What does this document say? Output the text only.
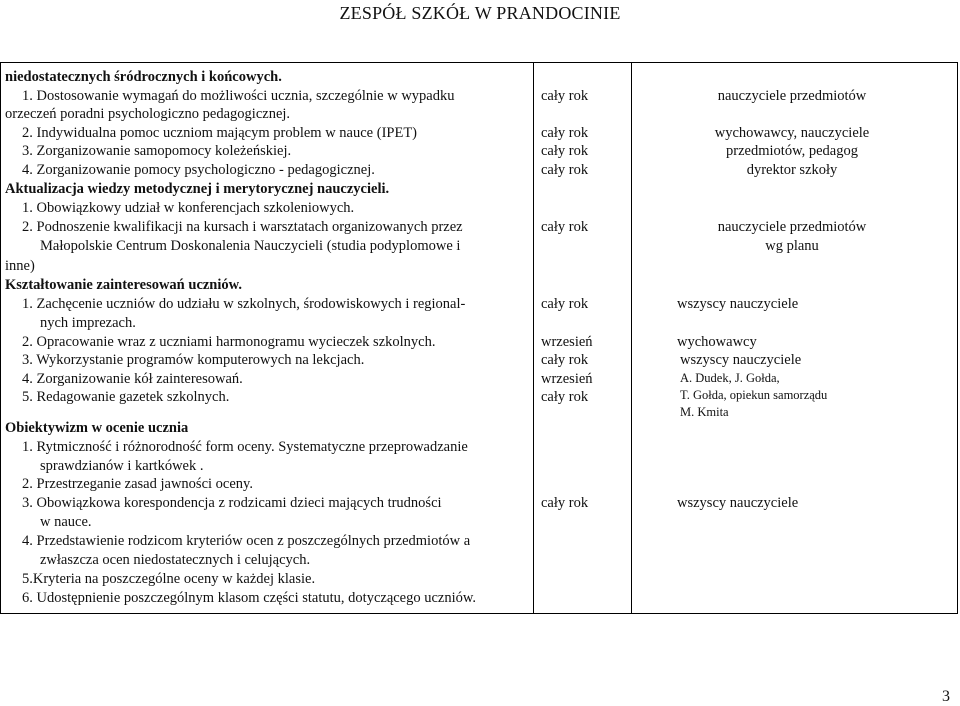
ZESPÓŁ SZKÓŁ W PRANDOCINIE
niedostatecznych śródrocznych i końcowych.
1. Dostosowanie wymagań do możliwości ucznia, szczególnie w wypadku
orzeczeń poradni psychologiczno pedagogicznej.
2. Indywidualna pomoc uczniom mającym problem w nauce (IPET)
3. Zorganizowanie samopomocy koleżeńskiej.
4. Zorganizowanie pomocy psychologiczno - pedagogicznej.
Aktualizacja wiedzy metodycznej i merytorycznej nauczycieli.
1. Obowiązkowy udział w konferencjach szkoleniowych.
2. Podnoszenie kwalifikacji na kursach i warsztatach organizowanych przez
Małopolskie Centrum Doskonalenia Nauczycieli (studia podyplomowe i
inne)
Kształtowanie zainteresowań uczniów.
1. Zachęcenie uczniów do udziału w szkolnych, środowiskowych i regional-
nych imprezach.
2. Opracowanie wraz z uczniami harmonogramu wycieczek szkolnych.
3. Wykorzystanie programów komputerowych na lekcjach.
4. Zorganizowanie kół zainteresowań.
5. Redagowanie gazetek szkolnych.
Obiektywizm w ocenie ucznia
1. Rytmiczność i różnorodność form oceny. Systematyczne przeprowadzanie
sprawdzianów i kartkówek .
2. Przestrzeganie zasad jawności oceny.
3. Obowiązkowa korespondencja z rodzicami dzieci mających trudności
w nauce.
4. Przedstawienie rodzicom kryteriów ocen z poszczególnych przedmiotów a
zwłaszcza ocen niedostatecznych i celujących.
5.Kryteria na poszczególne oceny w każdej klasie.
6. Udostępnienie poszczególnym klasom części statutu, dotyczącego uczniów.
cały rok
cały rok
cały rok
cały rok
cały rok
cały rok
wrzesień
cały rok
wrzesień
cały rok
cały rok
nauczyciele przedmiotów
wychowawcy, nauczyciele
przedmiotów, pedagog
dyrektor szkoły
nauczyciele przedmiotów
wg planu
wszyscy nauczyciele
wychowawcy
wszyscy nauczyciele
A. Dudek, J. Gołda,
T. Gołda, opiekun samorządu
M. Kmita
wszyscy nauczyciele
3
